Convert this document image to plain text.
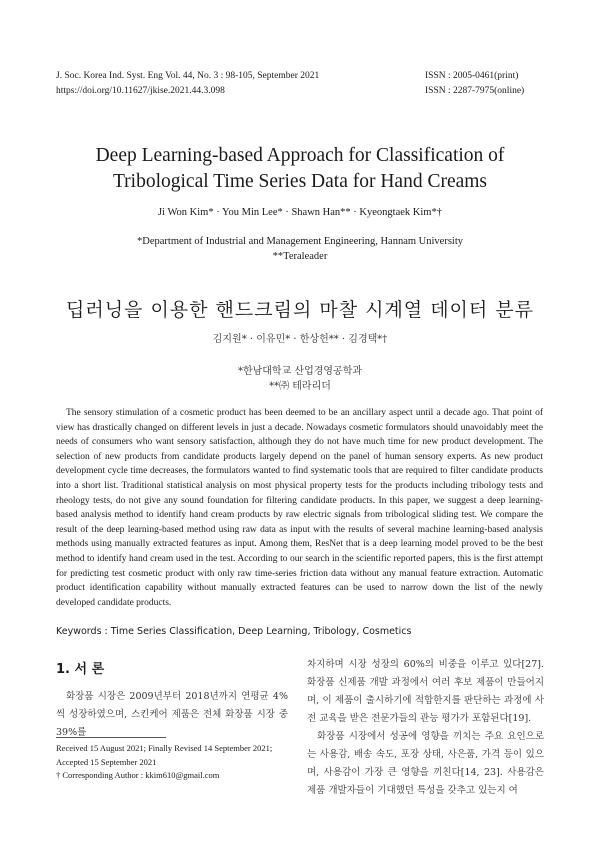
J. Soc. Korea Ind. Syst. Eng Vol. 44, No. 3 : 98-105, September 2021
https://doi.org/10.11627/jkise.2021.44.3.098
ISSN : 2005-0461(print)
ISSN : 2287-7975(online)
Deep Learning-based Approach for Classification of
Tribological Time Series Data for Hand Creams
Ji Won Kim* · You Min Lee* · Shawn Han** · Kyeongtaek Kim*†
*Department of Industrial and Management Engineering, Hannam University
**Teraleader
딥러닝을 이용한 핸드크림의 마찰 시계열 데이터 분류
김지원* · 이유민* · 한상헌** · 김경택*†
*한남대학교 산업경영공학과
**㈜ 테라리더
The sensory stimulation of a cosmetic product has been deemed to be an ancillary aspect until a decade ago. That point of view has drastically changed on different levels in just a decade. Nowadays cosmetic formulators should unavoidably meet the needs of consumers who want sensory satisfaction, although they do not have much time for new product development. The selection of new products from candidate products largely depend on the panel of human sensory experts. As new product development cycle time decreases, the formulators wanted to find systematic tools that are required to filter candidate products into a short list. Traditional statistical analysis on most physical property tests for the products including tribology tests and rheology tests, do not give any sound foundation for filtering candidate products. In this paper, we suggest a deep learning-based analysis method to identify hand cream products by raw electric signals from tribological sliding test. We compare the result of the deep learning-based method using raw data as input with the results of several machine learning-based analysis methods using manually extracted features as input. Among them, ResNet that is a deep learning model proved to be the best method to identify hand cream used in the test. According to our search in the scientific reported papers, this is the first attempt for predicting test cosmetic product with only raw time-series friction data without any manual feature extraction. Automatic product identification capability without manually extracted features can be used to narrow down the list of the newly developed candidate products.
Keywords : Time Series Classification, Deep Learning, Tribology, Cosmetics
1. 서 론
화장품 시장은 2009년부터 2018년까지 연평균 4%씩 성장하였으며, 스킨케어 제품은 전체 화장품 시장 중 39%를
Received 15 August 2021; Finally Revised 14 September 2021; Accepted 15 September 2021
† Corresponding Author : kkim610@gmail.com

차지하며 시장 성장의 60%의 비중을 이루고 있다[27]. 화장품 신제품 개발 과정에서 여러 후보 제품이 만들어지며, 이 제품이 출시하기에 적합한지를 판단하는 과정에 사전 교육을 받은 전문가들의 관능 평가가 포함된다[19].

화장품 시장에서 성공에 영향을 끼치는 주요 요인으로는 사용감, 배송 속도, 포장 상태, 사은품, 가격 등이 있으며, 사용감이 가장 큰 영향을 끼친다[14, 23]. 사용감은 제품 개발자들이 기대했던 특성을 갖추고 있는지 여
